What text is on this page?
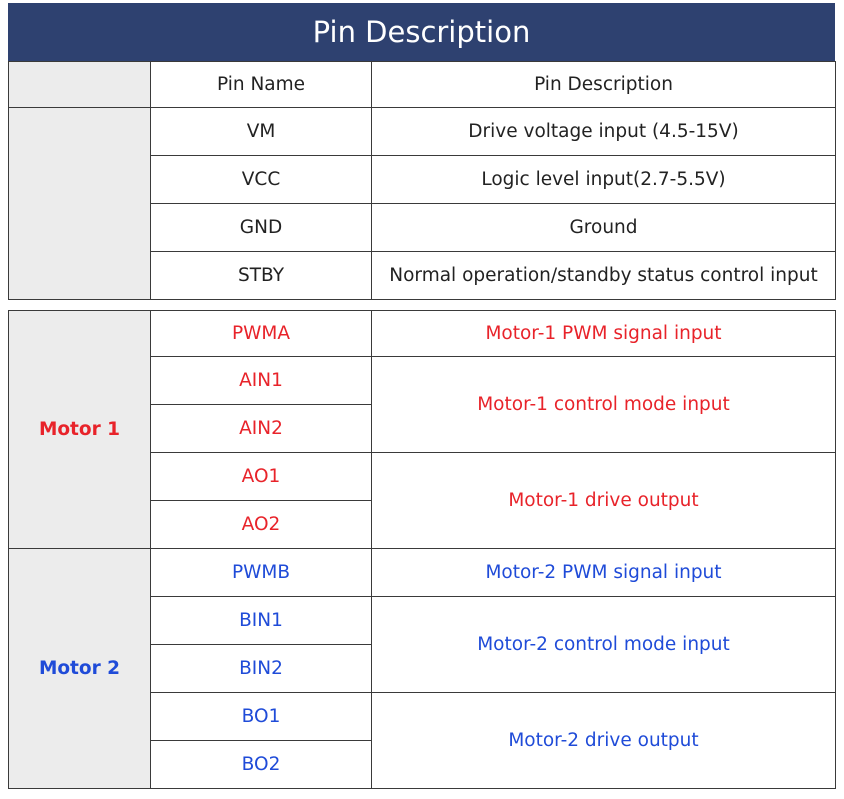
Pin Description
	Pin Name	Pin Description
	VM	Drive voltage input (4.5-15V)
	VCC	Logic level input(2.7-5.5V)
	GND	Ground
	STBY	Normal operation/standby status control input
Motor 1	PWMA	Motor-1 PWM signal input
	AIN1	Motor-1 control mode input
	AIN2	
	AO1	Motor-1 drive output
	AO2	
Motor 2	PWMB	Motor-2 PWM signal input
	BIN1	Motor-2 control mode input
	BIN2	
	BO1	Motor-2 drive output
	BO2	
